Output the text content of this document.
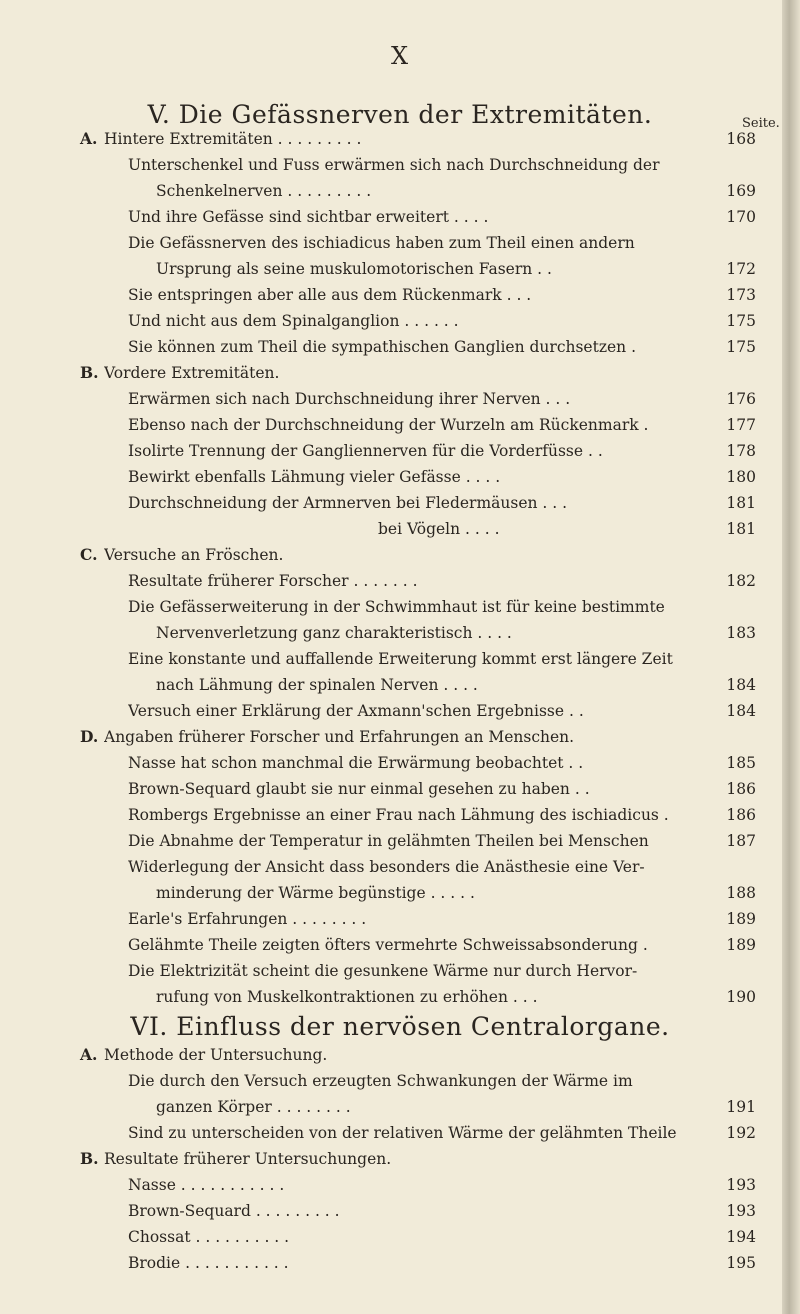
X
V. Die Gefässnerven der Extremitäten.	Seite.
A. Hintere Extremitäten . . . . . . . . .	168
Unterschenkel und Fuss erwärmen sich nach Durchschneidung der
Schenkelnerven . . . . . . . . .	169
Und ihre Gefässe sind sichtbar erweitert . . . .	170
Die Gefässnerven des ischiadicus haben zum Theil einen andern
Ursprung als seine muskulomotorischen Fasern . .	172
Sie entspringen aber alle aus dem Rückenmark . . .	173
Und nicht aus dem Spinalganglion . . . . . .	175
Sie können zum Theil die sympathischen Ganglien durchsetzen .	175
B. Vordere Extremitäten.
Erwärmen sich nach Durchschneidung ihrer Nerven . . .	176
Ebenso nach der Durchschneidung der Wurzeln am Rückenmark .	177
Isolirte Trennung der Gangliennerven für die Vorderfüsse . .	178
Bewirkt ebenfalls Lähmung vieler Gefässe . . . .	180
Durchschneidung der Armnerven bei Fledermäusen . . .	181
bei Vögeln . . . .	181
C. Versuche an Fröschen.
Resultate früherer Forscher . . . . . . .	182
Die Gefässerweiterung in der Schwimmhaut ist für keine bestimmte
Nervenverletzung ganz charakteristisch . . . .	183
Eine konstante und auffallende Erweiterung kommt erst längere Zeit
nach Lähmung der spinalen Nerven . . . .	184
Versuch einer Erklärung der Axmann'schen Ergebnisse . .	184
D. Angaben früherer Forscher und Erfahrungen an Menschen.
Nasse hat schon manchmal die Erwärmung beobachtet . .	185
Brown-Sequard glaubt sie nur einmal gesehen zu haben . .	186
Rombergs Ergebnisse an einer Frau nach Lähmung des ischiadicus .	186
Die Abnahme der Temperatur in gelähmten Theilen bei Menschen	187
Widerlegung der Ansicht dass besonders die Anästhesie eine Ver-
minderung der Wärme begünstige . . . . .	188
Earle's Erfahrungen . . . . . . . .	189
Gelähmte Theile zeigten öfters vermehrte Schweissabsonderung .	189
Die Elektrizität scheint die gesunkene Wärme nur durch Hervor-
rufung von Muskelkontraktionen zu erhöhen . . .	190
VI. Einfluss der nervösen Centralorgane.
A. Methode der Untersuchung.
Die durch den Versuch erzeugten Schwankungen der Wärme im
ganzen Körper . . . . . . . .	191
Sind zu unterscheiden von der relativen Wärme der gelähmten Theile	192
B. Resultate früherer Untersuchungen.
Nasse . . . . . . . . . . .	193
Brown-Sequard . . . . . . . . .	193
Chossat . . . . . . . . . .	194
Brodie . . . . . . . . . . .	195
